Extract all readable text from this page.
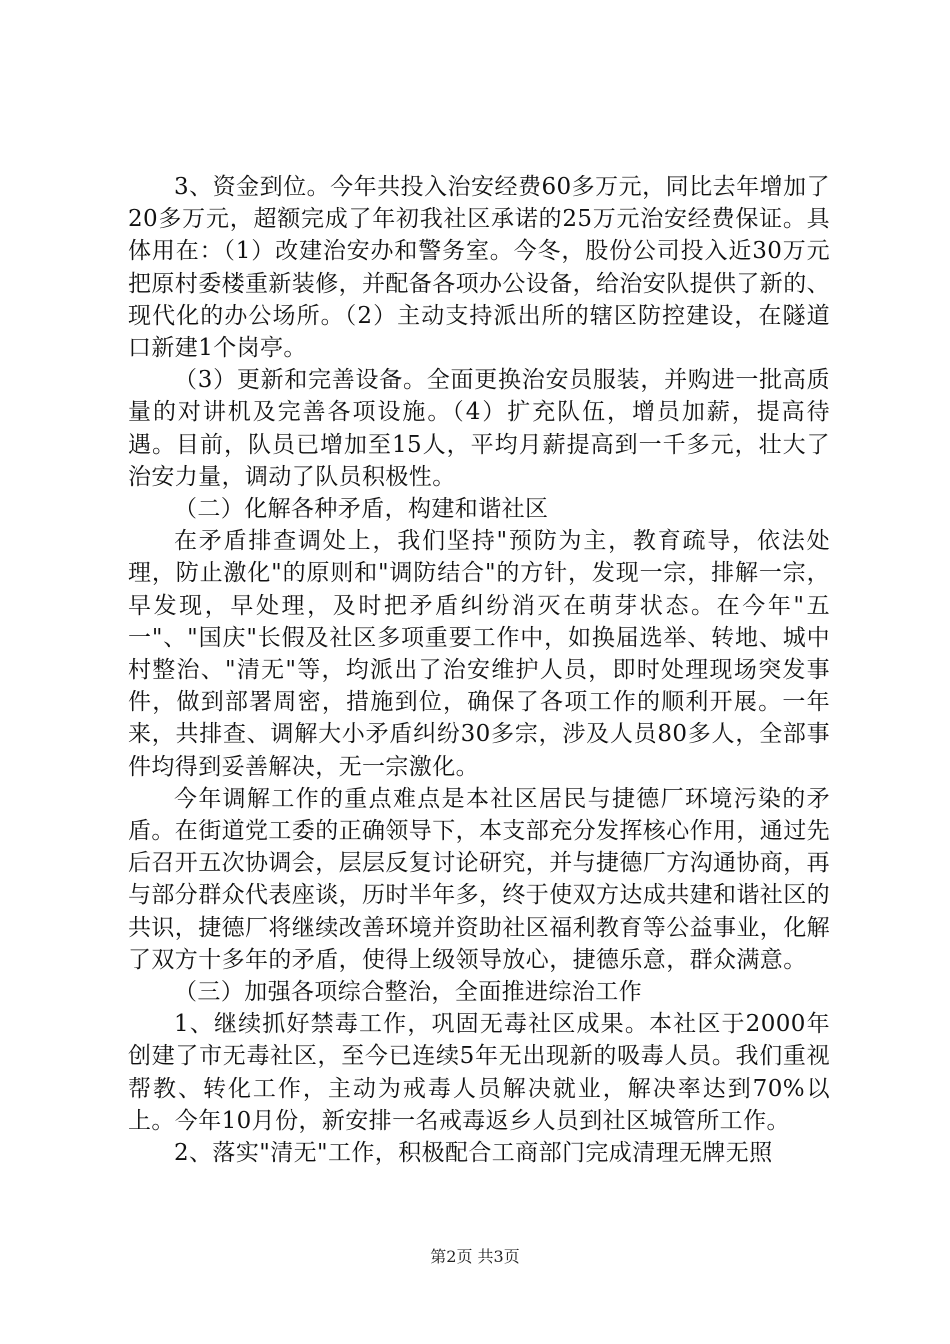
3、资金到位。今年共投入治安经费60多万元，同比去年增加了20多万元，超额完成了年初我社区承诺的25万元治安经费保证。具体用在：（1）改建治安办和警务室。今冬，股份公司投入近30万元把原村委楼重新装修，并配备各项办公设备，给治安队提供了新的、现代化的办公场所。（2）主动支持派出所的辖区防控建设，在隧道口新建1个岗亭。

（3）更新和完善设备。全面更换治安员服装，并购进一批高质量的对讲机及完善各项设施。（4）扩充队伍，增员加薪，提高待遇。目前，队员已增加至15人，平均月薪提高到一千多元，壮大了治安力量，调动了队员积极性。

（二）化解各种矛盾，构建和谐社区

在矛盾排查调处上，我们坚持"预防为主，教育疏导，依法处理，防止激化"的原则和"调防结合"的方针，发现一宗，排解一宗，早发现，早处理，及时把矛盾纠纷消灭在萌芽状态。在今年"五一"、"国庆"长假及社区多项重要工作中，如换届选举、转地、城中村整治、"清无"等，均派出了治安维护人员，即时处理现场突发事件，做到部署周密，措施到位，确保了各项工作的顺利开展。一年来，共排查、调解大小矛盾纠纷30多宗，涉及人员80多人，全部事件均得到妥善解决，无一宗激化。

今年调解工作的重点难点是本社区居民与捷德厂环境污染的矛盾。在街道党工委的正确领导下，本支部充分发挥核心作用，通过先后召开五次协调会，层层反复讨论研究，并与捷德厂方沟通协商，再与部分群众代表座谈，历时半年多，终于使双方达成共建和谐社区的共识，捷德厂将继续改善环境并资助社区福利教育等公益事业，化解了双方十多年的矛盾，使得上级领导放心，捷德乐意，群众满意。

（三）加强各项综合整治，全面推进综治工作

1、继续抓好禁毒工作，巩固无毒社区成果。本社区于2000年创建了市无毒社区，至今已连续5年无出现新的吸毒人员。我们重视帮教、转化工作，主动为戒毒人员解决就业，解决率达到70%以上。今年10月份，新安排一名戒毒返乡人员到社区城管所工作。

2、落实"清无"工作，积极配合工商部门完成清理无牌无照

第2页 共3页
